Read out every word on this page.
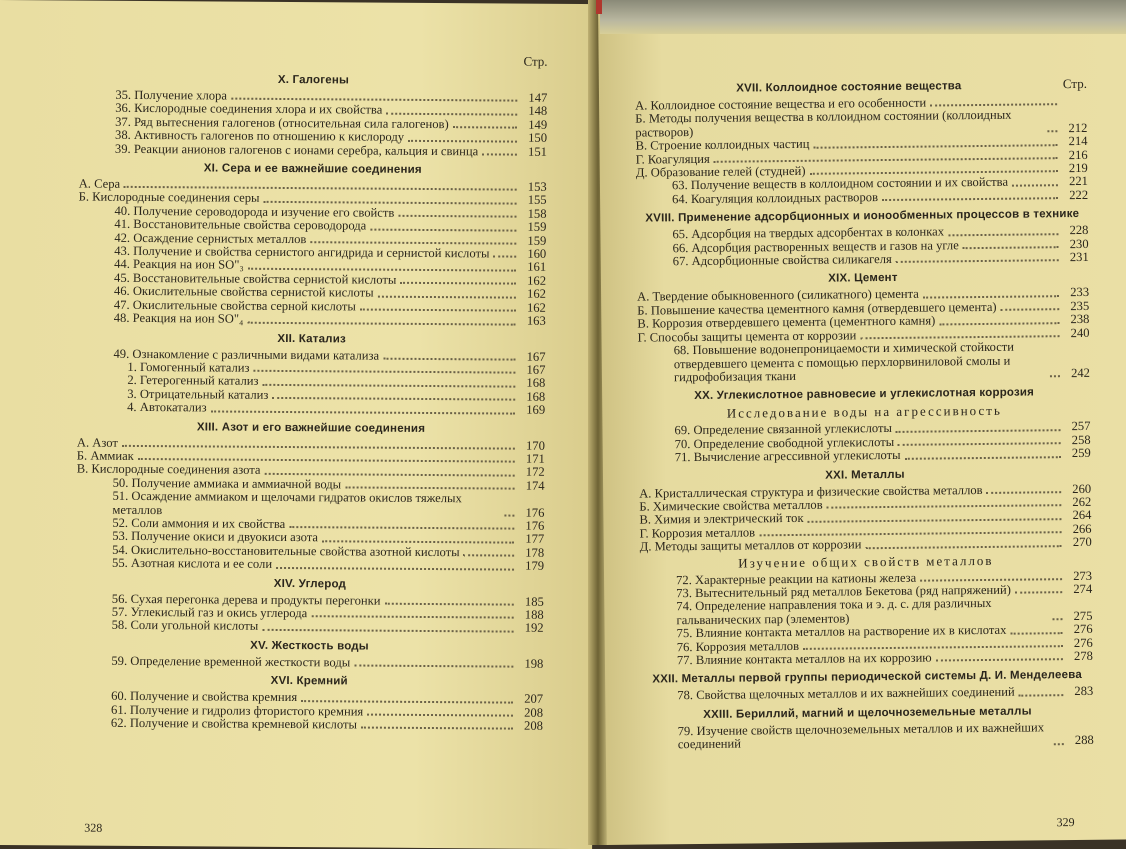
Стр.

X. Галогены
35. Получение хлора	147
36. Кислородные соединения хлора и их свойства	148
37. Ряд вытеснения галогенов (относительная сила галогенов)	149
38. Активность галогенов по отношению к кислороду	150
39. Реакции анионов галогенов с ионами серебра, кальция и свинца	151
XI. Сера и ее важнейшие соединения
А. Сера	153
Б. Кислородные соединения серы	155
40. Получение сероводорода и изучение его свойств	158
41. Восстановительные свойства сероводорода	159
42. Осаждение сернистых металлов	159
43. Получение и свойства сернистого ангидрида и сернистой кислоты	160
44. Реакция на ион SO"₃	161
45. Восстановительные свойства сернистой кислоты	162
46. Окислительные свойства сернистой кислоты	162
47. Окислительные свойства серной кислоты	162
48. Реакция на ион SO"₄	163
XII. Катализ
49. Ознакомление с различными видами катализа	167
1. Гомогенный катализ	167
2. Гетерогенный катализ	168
3. Отрицательный катализ	168
4. Автокатализ	169
XIII. Азот и его важнейшие соединения
А. Азот	170
Б. Аммиак	171
В. Кислородные соединения азота	172
50. Получение аммиака и аммиачной воды	174
51. Осаждение аммиаком и щелочами гидратов окислов тяжелых металлов	176
52. Соли аммония и их свойства	176
53. Получение окиси и двуокиси азота	177
54. Окислительно-восстановительные свойства азотной кислоты	178
55. Азотная кислота и ее соли	179
XIV. Углерод
56. Сухая перегонка дерева и продукты перегонки	185
57. Углекислый газ и окись углерода	188
58. Соли угольной кислоты	192
XV. Жесткость воды
59. Определение временной жесткости воды	198
XVI. Кремний
60. Получение и свойства кремния	207
61. Получение и гидролиз фтористого кремния	208
62. Получение и свойства кремневой кислоты	208
328
XVII. Коллоидное состояние вещества	Стр.
А. Коллоидное состояние вещества и его особенности
Б. Методы получения вещества в коллоидном состоянии (коллоидных растворов)	212
В. Строение коллоидных частиц	214
Г. Коагуляция	216
Д. Образование гелей (студней)	219
63. Получение веществ в коллоидном состоянии и их свойства	221
64. Коагуляция коллоидных растворов	222
XVIII. Применение адсорбционных и ионообменных процессов в технике
65. Адсорбция на твердых адсорбентах в колонках	228
66. Адсорбция растворенных веществ и газов на угле	230
67. Адсорбционные свойства силикагеля	231
XIX. Цемент
А. Твердение обыкновенного (силикатного) цемента	233
Б. Повышение качества цементного камня (отвердевшего цемента)	235
В. Коррозия отвердевшего цемента (цементного камня)	238
Г. Способы защиты цемента от коррозии	240
68. Повышение водонепроницаемости и химической стойкости отвердевшего цемента с помощью перхлорвиниловой смолы и гидрофобизация ткани	242
XX. Углекислотное равновесие и углекислотная коррозия
Исследование воды на агрессивность
69. Определение связанной углекислоты	257
70. Определение свободной углекислоты	258
71. Вычисление агрессивной углекислоты	259
XXI. Металлы
А. Кристаллическая структура и физические свойства металлов	260
Б. Химические свойства металлов	262
В. Химия и электрический ток	264
Г. Коррозия металлов	266
Д. Методы защиты металлов от коррозии	270
Изучение общих свойств металлов
72. Характерные реакции на катионы железа	273
73. Вытеснительный ряд металлов Бекетова (ряд напряжений)	274
74. Определение направления тока и э. д. с. для различных гальванических пар (элементов)	275
75. Влияние контакта металлов на растворение их в кислотах	276
76. Коррозия металлов	276
77. Влияние контакта металлов на их коррозию	278
XXII. Металлы первой группы периодической системы Д. И. Менделеева
78. Свойства щелочных металлов и их важнейших соединений	283
XXIII. Бериллий, магний и щелочноземельные металлы
79. Изучение свойств щелочноземельных металлов и их важнейших соединений	288
329
